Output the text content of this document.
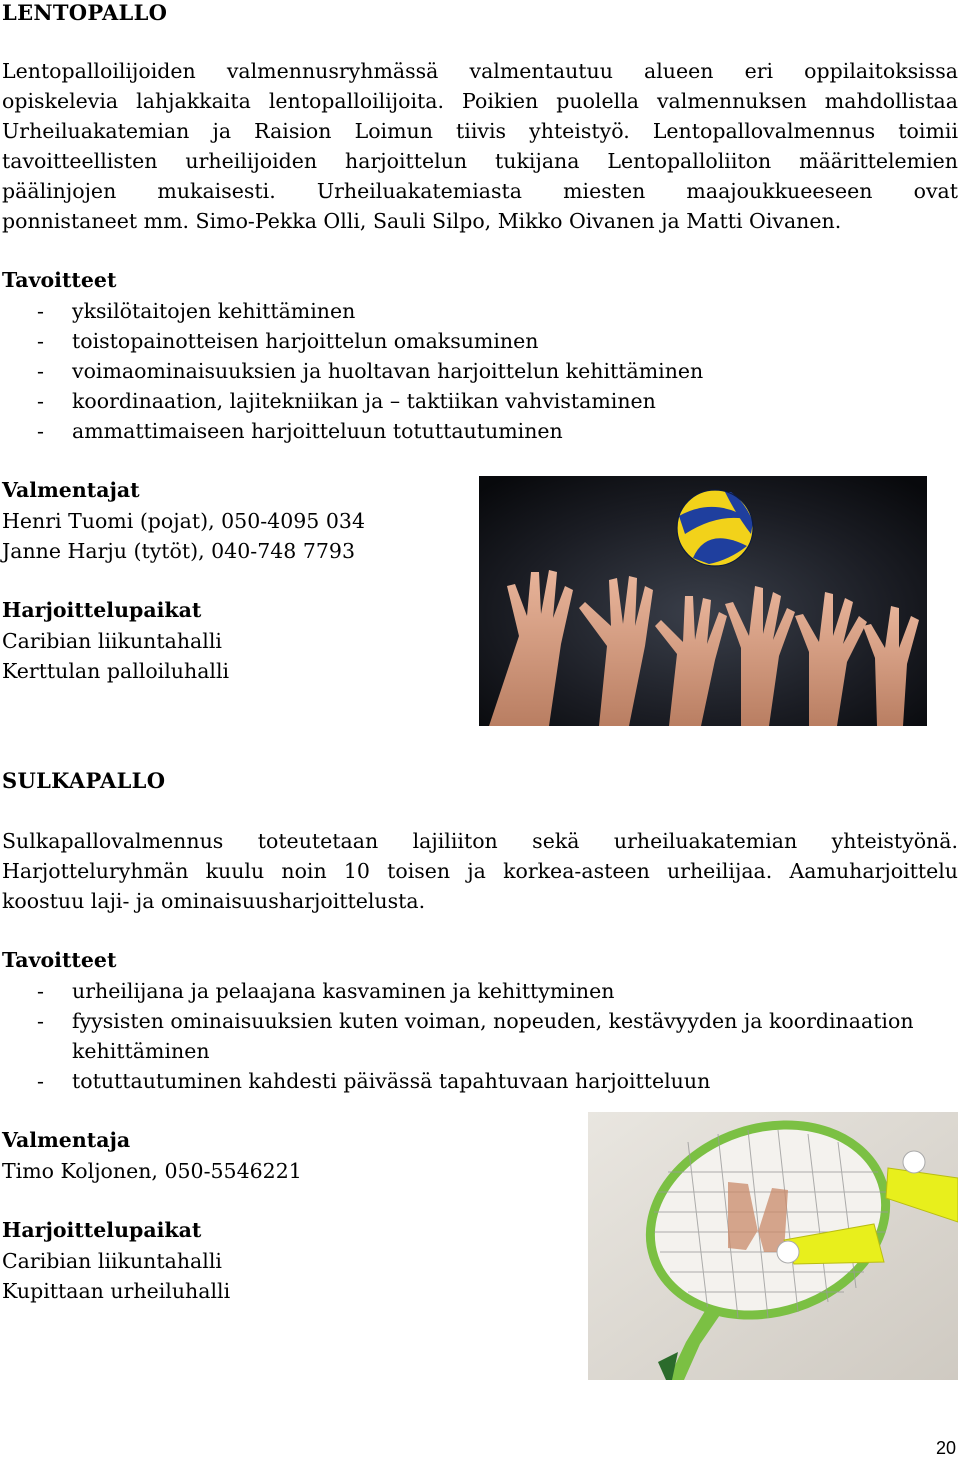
LENTOPALLO
Lentopalloilijoiden valmennusryhmässä valmentautuu alueen eri oppilaitoksissa
opiskelevia lahjakkaita lentopalloilijoita. Poikien puolella valmennuksen mahdollistaa
Urheiluakatemian ja Raision Loimun tiivis yhteistyö. Lentopallovalmennus toimii
tavoitteellisten urheilijoiden harjoittelun tukijana Lentopalloliiton määrittelemien
päälinjojen mukaisesti. Urheiluakatemiasta miesten maajoukkueeseen ovat
ponnistaneet mm. Simo-Pekka Olli, Sauli Silpo, Mikko Oivanen ja Matti Oivanen.
Tavoitteet
- yksilötaitojen kehittäminen
- toistopainotteisen harjoittelun omaksuminen
- voimaominaisuuksien ja huoltavan harjoittelun kehittäminen
- koordinaation, lajitekniikan ja – taktiikan vahvistaminen
- ammattimaiseen harjoitteluun totuttautuminen
Valmentajat
Henri Tuomi (pojat), 050-4095 034
Janne Harju (tytöt), 040-748 7793
Harjoittelupaikat
Caribian liikuntahalli
Kerttulan palloiluhalli
SULKAPALLO
Sulkapallovalmennus toteutetaan lajiliiton sekä urheiluakatemian yhteistyönä.
Harjotteluryhmän kuulu noin 10 toisen ja korkea-asteen urheilijaa. Aamuharjoittelu
koostuu laji- ja ominaisuusharjoittelusta.
Tavoitteet
- urheilijana ja pelaajana kasvaminen ja kehittyminen
- fyysisten ominaisuuksien kuten voiman, nopeuden, kestävyyden ja koordinaation kehittäminen
- totuttautuminen kahdesti päivässä tapahtuvaan harjoitteluun
Valmentaja
Timo Koljonen, 050-5546221
Harjoittelupaikat
Caribian liikuntahalli
Kupittaan urheiluhalli
20
